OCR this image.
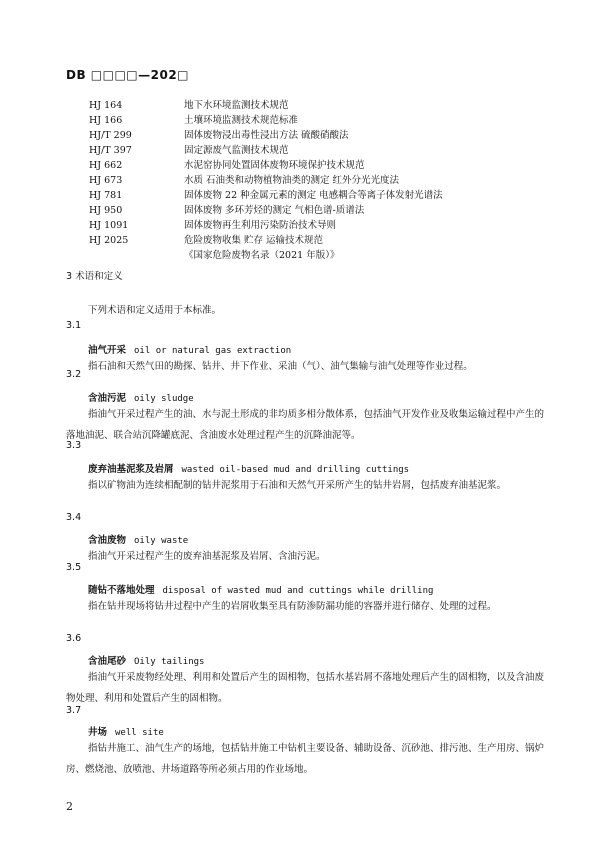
DB □□□□—202□
HJ 164	地下水环境监测技术规范
HJ 166	土壤环境监测技术规范标准
HJ/T 299	固体废物浸出毒性浸出方法 硫酸硝酸法
HJ/T 397	固定源废气监测技术规范
HJ 662	水泥窑协同处置固体废物环境保护技术规范
HJ 673	水质 石油类和动物植物油类的测定 红外分光光度法
HJ 781	固体废物 22 种金属元素的测定 电感耦合等离子体发射光谱法
HJ 950	固体废物 多环芳烃的测定 气相色谱-质谱法
HJ 1091	固体废物再生利用污染防治技术导则
HJ 2025	危险废物收集 贮存 运输技术规范
《国家危险废物名录（2021 年版）》
3 术语和定义
下列术语和定义适用于本标准。
3.1
油气开采 oil or natural gas extraction
指石油和天然气田的勘探、钻井、井下作业、采油（气）、油气集输与油气处理等作业过程。
3.2
含油污泥 oily sludge
指油气开采过程产生的油、水与泥土形成的非均质多相分散体系，包括油气开发作业及收集运输过程中产生的落地油泥、联合站沉降罐底泥、含油废水处理过程产生的沉降油泥等。
3.3
废弃油基泥浆及岩屑 wasted oil-based mud and drilling cuttings
指以矿物油为连续相配制的钻井泥浆用于石油和天然气开采所产生的钻井岩屑，包括废弃油基泥浆。
3.4
含油废物 oily waste
指油气开采过程产生的废弃油基泥浆及岩屑、含油污泥。
3.5
随钻不落地处理 disposal of wasted mud and cuttings while drilling
指在钻井现场将钻井过程中产生的岩屑收集至具有防渗防漏功能的容器并进行储存、处理的过程。
3.6
含油尾砂 Oily tailings
指油气开采废物经处理、利用和处置后产生的固相物，包括水基岩屑不落地处理后产生的固相物，以及含油废物处理、利用和处置后产生的固相物。
3.7
井场 well site
指钻井施工、油气生产的场地，包括钻井施工中钻机主要设备、辅助设备、沉砂池、排污池、生产用房、锅炉房、燃烧池、放喷池、井场道路等所必须占用的作业场地。
2
